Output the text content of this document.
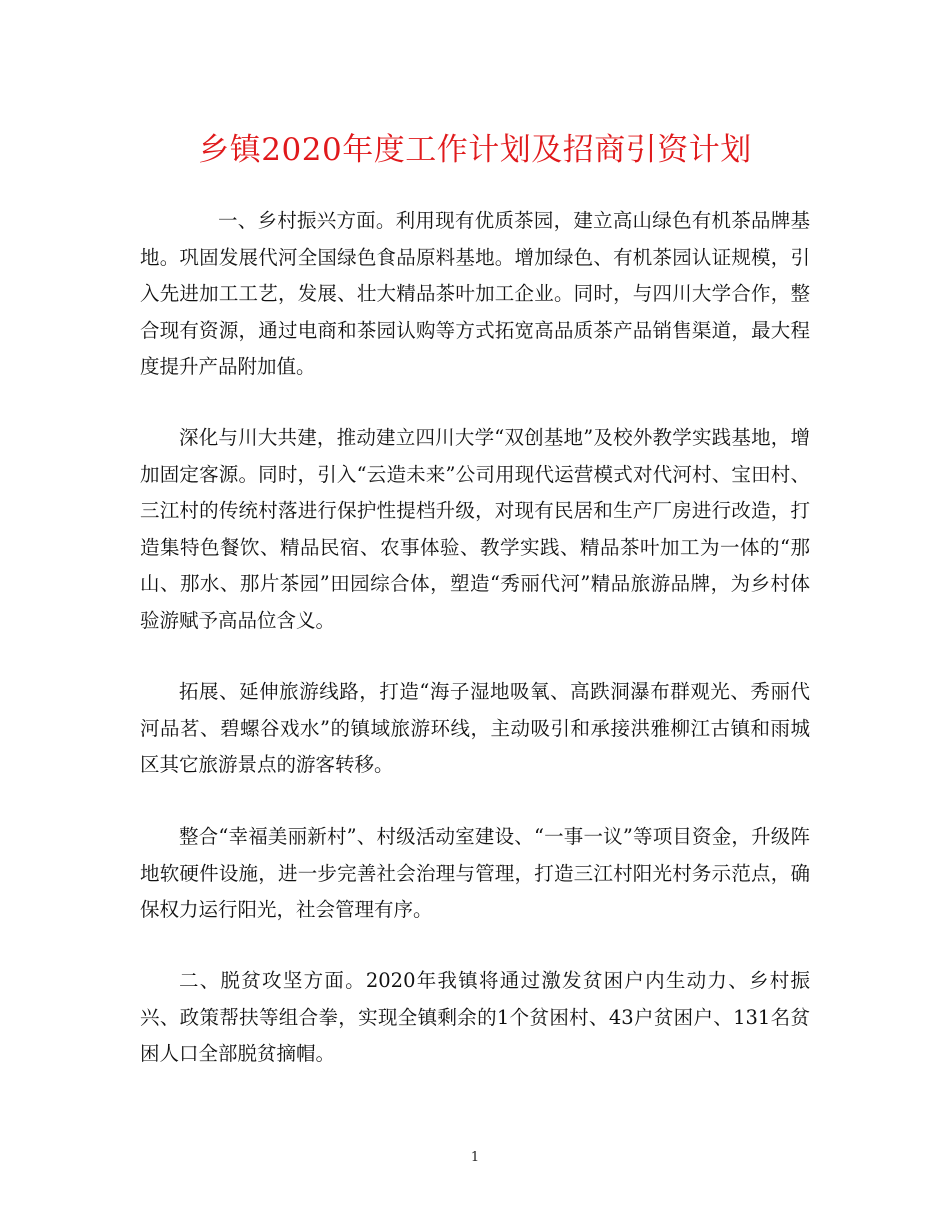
乡镇2020年度工作计划及招商引资计划

一、乡村振兴方面。利用现有优质茶园，建立高山绿色有机茶品牌基地。巩固发展代河全国绿色食品原料基地。增加绿色、有机茶园认证规模，引入先进加工工艺，发展、壮大精品茶叶加工企业。同时，与四川大学合作，整合现有资源，通过电商和茶园认购等方式拓宽高品质茶产品销售渠道，最大程度提升产品附加值。

深化与川大共建，推动建立四川大学“双创基地”及校外教学实践基地，增加固定客源。同时，引入“云造未来”公司用现代运营模式对代河村、宝田村、三江村的传统村落进行保护性提档升级，对现有民居和生产厂房进行改造，打造集特色餐饮、精品民宿、农事体验、教学实践、精品茶叶加工为一体的“那山、那水、那片茶园”田园综合体，塑造“秀丽代河”精品旅游品牌，为乡村体验游赋予高品位含义。

拓展、延伸旅游线路，打造“海子湿地吸氧、高跌洞瀑布群观光、秀丽代河品茗、碧螺谷戏水”的镇域旅游环线，主动吸引和承接洪雅柳江古镇和雨城区其它旅游景点的游客转移。

整合“幸福美丽新村”、村级活动室建设、“一事一议”等项目资金，升级阵地软硬件设施，进一步完善社会治理与管理，打造三江村阳光村务示范点，确保权力运行阳光，社会管理有序。

二、脱贫攻坚方面。2020年我镇将通过激发贫困户内生动力、乡村振兴、政策帮扶等组合拳，实现全镇剩余的1个贫困村、43户贫困户、131名贫困人口全部脱贫摘帽。

1
